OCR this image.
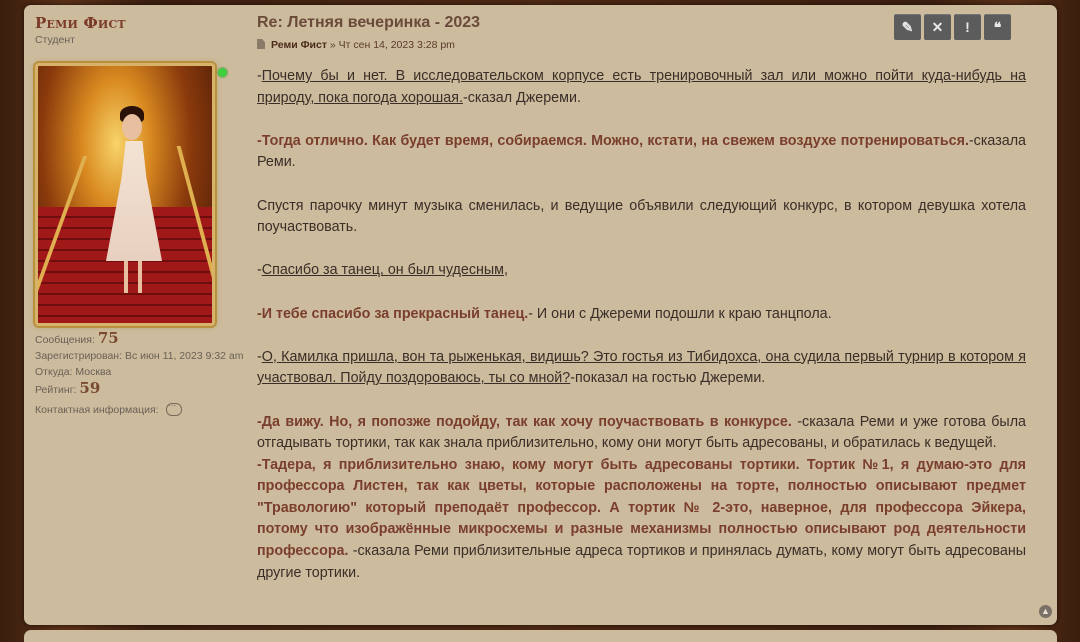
Реми Фист
Студент
Сообщения: 75
Зарегистрирован: Вс июн 11, 2023 9:32 am
Откуда: Москва
Рейтинг: 59
Контактная информация: ···
Re: Летняя вечеринка - 2023
Реми Фист » Чт сен 14, 2023 3:28 pm

-Почему бы и нет. В исследовательском корпусе есть тренировочный зал или можно пойти куда-нибудь на природу, пока погода хорошая.-сказал Джереми.

-Тогда отлично. Как будет время, собираемся. Можно, кстати, на свежем воздухе потренироваться.-сказала Реми.

Спустя парочку минут музыка сменилась, и ведущие объявили следующий конкурс, в котором девушка хотела поучаствовать.

-Спасибо за танец, он был чудесным,

-И тебе спасибо за прекрасный танец.- И они с Джереми подошли к краю танцпола.

-О, Камилка пришла, вон та рыженькая, видишь? Это гостья из Тибидохса, она судила первый турнир в котором я участвовал. Пойду поздороваюсь, ты со мной?-показал на гостью Джереми.

-Да вижу. Но, я попозже подойду, так как хочу поучаствовать в конкурсе. -сказала Реми и уже готова была отгадывать тортики, так как знала приблизительно, кому они могут быть адресованы, и обратилась к ведущей.

-Тадера, я приблизительно знаю, кому могут быть адресованы тортики. Тортик №1, я думаю-это для профессора Листен, так как цветы, которые расположены на торте, полностью описывают предмет "Травологию" который преподаёт профессор. А тортик № 2-это, наверное, для профессора Эйкера, потому что изображённые микросхемы и разные механизмы полностью описывают род деятельности профессора. -сказала Реми приблизительные адреса тортиков и принялась думать, кому могут быть адресованы другие тортики.

✎	✕	!	❝
▲
